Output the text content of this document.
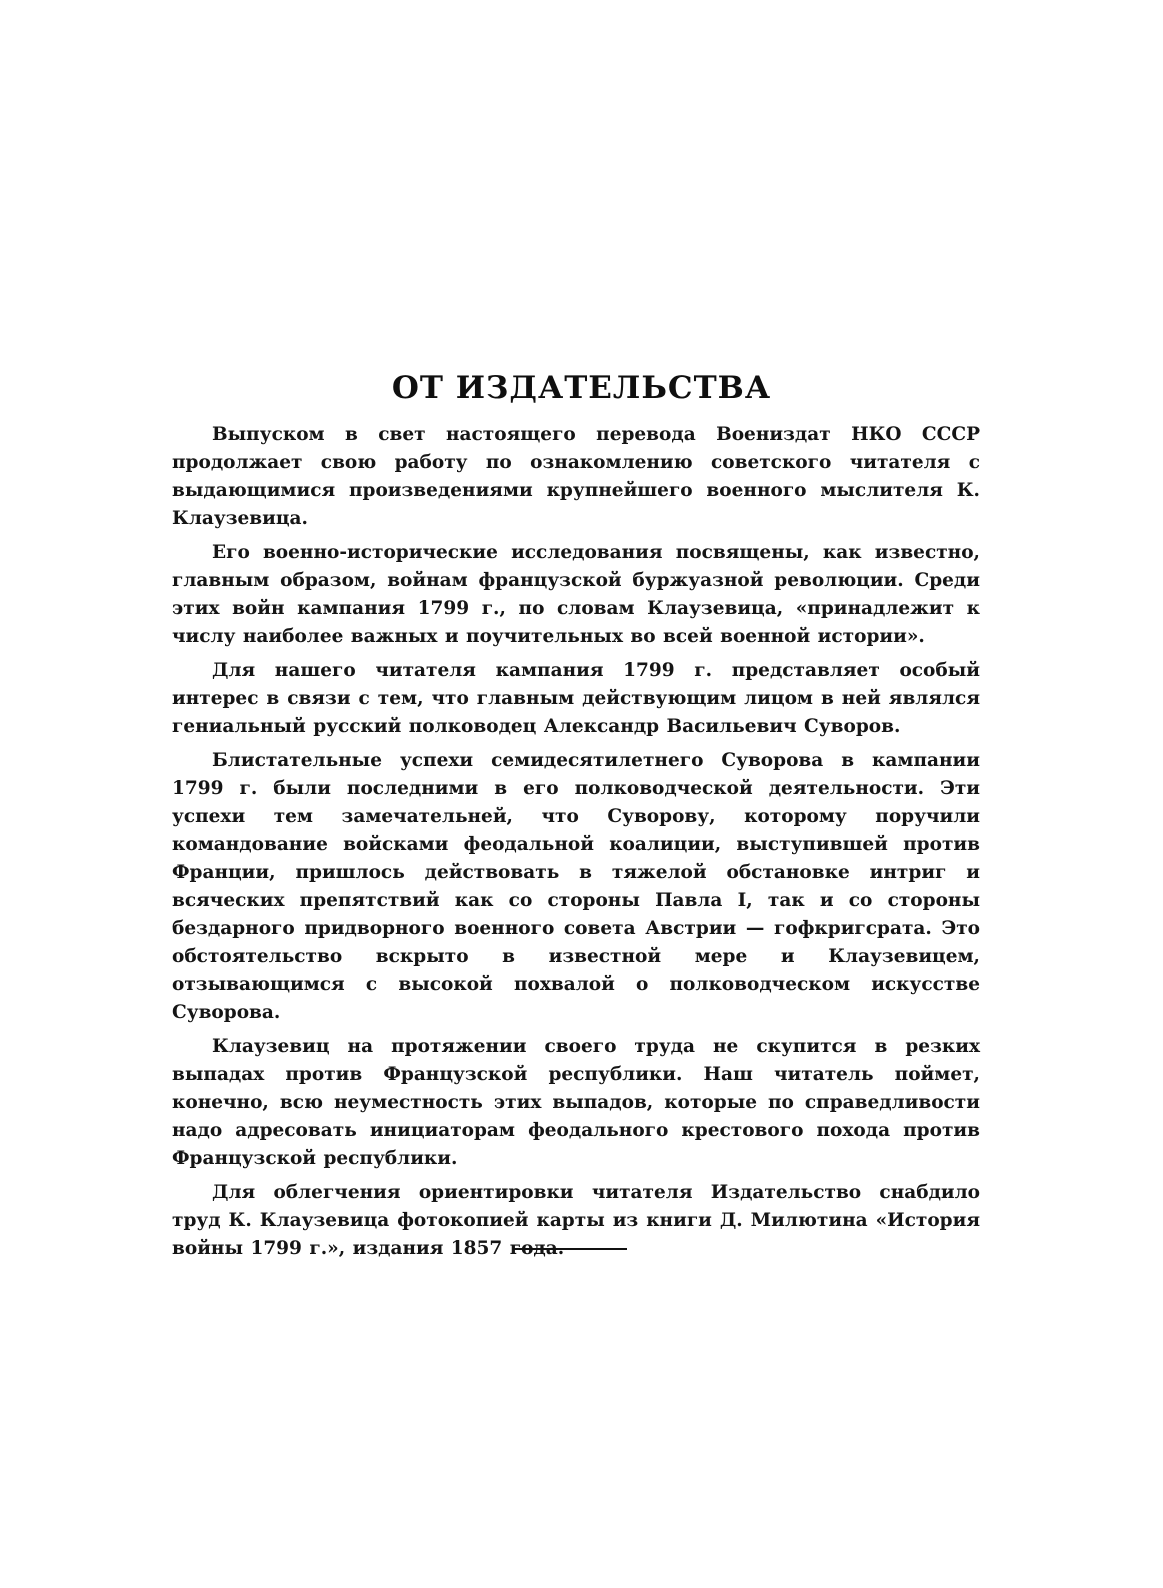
ОТ ИЗДАТЕЛЬСТВА

Выпуском в свет настоящего перевода Воениздат НКО СССР продолжает свою работу по ознакомлению советского читателя с выдающимися произведениями крупнейшего военного мыслителя К. Клаузевица.

Его военно-исторические исследования посвящены, как известно, главным образом, войнам французской буржуазной революции. Среди этих войн кампания 1799 г., по словам Клаузевица, «принадлежит к числу наиболее важных и поучительных во всей военной истории».

Для нашего читателя кампания 1799 г. представляет особый интерес в связи с тем, что главным действующим лицом в ней являлся гениальный русский полководец Александр Васильевич Суворов.

Блистательные успехи семидесятилетнего Суворова в кампании 1799 г. были последними в его полководческой деятельности. Эти успехи тем замечательней, что Суворову, которому поручили командование войсками феодальной коалиции, выступившей против Франции, пришлось действовать в тяжелой обстановке интриг и всяческих препятствий как со стороны Павла I, так и со стороны бездарного придворного военного совета Австрии — гофкригсрата. Это обстоятельство вскрыто в известной мере и Клаузевицем, отзывающимся с высокой похвалой о полководческом искусстве Суворова.

Клаузевиц на протяжении своего труда не скупится в резких выпадах против Французской республики. Наш читатель поймет, конечно, всю неуместность этих выпадов, которые по справедливости надо адресовать инициаторам феодального крестового похода против Французской республики.

Для облегчения ориентировки читателя Издательство снабдило труд К. Клаузевица фотокопией карты из книги Д. Милютина «История войны 1799 г.», издания 1857 года.
